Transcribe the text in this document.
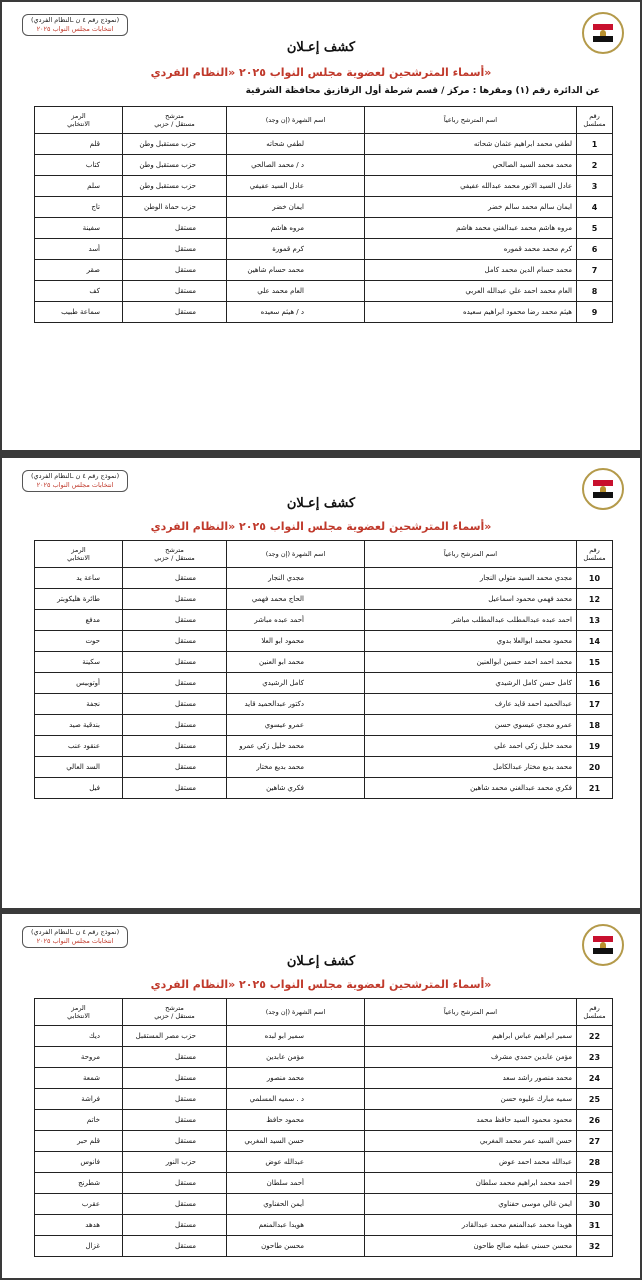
(نموذج رقم ٤ ن ـالنظام الفردي)
انتخابات مجلس النواب ٢٠٢٥
كشف إعـلان
أسماء المترشحين لعضوية مجلس النواب ٢٠٢٥ «النظام الفردي»
عن الدائرة رقم (١) ومقرها : مركز / قسم شرطة أول الزقازيق محافظة الشرقية
رقم
مسلسل	اسم المترشح رباعياً	اسم الشهرة (إن وجد)	مترشح
مستقل / حزبي	الرمز
الانتخابي
1	لطفي محمد ابراهيم عثمان شحاته	لطفي شحاته	حزب مستقبل وطن	قلم
2	محمد محمد السيد الصالحي	د / محمد الصالحي	حزب مستقبل وطن	كتاب
3	عادل السيد الانور محمد عبدالله عفيفي	عادل السيد عفيفي	حزب مستقبل وطن	سلم
4	ايمان سالم محمد سالم خضر	ايمان خضر	حزب حماة الوطن	تاج
5	مروه هاشم محمد عبدالغني محمد هاشم	مروه هاشم	مستقل	سفينة
6	كرم محمد محمد قموره	كرم قمورة	مستقل	أسد
7	محمد حسام الدين محمد كامل	محمد حسام شاهين	مستقل	صقر
8	العام محمد احمد علي عبدالله العربي	العام محمد علي	مستقل	كف
9	هيثم محمد رضا محمود ابراهيم سعيده	د / هيثم سعيده	مستقل	سماعة طبيب
(نموذج رقم ٤ ن ـالنظام الفردي)
انتخابات مجلس النواب ٢٠٢٥
كشف إعـلان
أسماء المترشحين لعضوية مجلس النواب ٢٠٢٥ «النظام الفردي»
رقم
مسلسل	اسم المترشح رباعياً	اسم الشهرة (إن وجد)	مترشح
مستقل / حزبي	الرمز
الانتخابي
10	مجدي محمد السيد متولي النجار	مجدي النجار	مستقل	ساعة يد
12	محمد فهمي محمود اسماعيل	الحاج محمد فهمي	مستقل	طائرة هليكوبتر
13	احمد عبده عبدالمطلب عبدالمطلب مباشر	أحمد عبده مباشر	مستقل	مدفع
14	محمود محمد ابوالعلا بدوي	محمود ابو العلا	مستقل	حوت
15	محمد احمد احمد حسين ابوالعنين	محمد ابو العنين	مستقل	سكينة
16	كامل حسن كامل الرشيدي	كامل الرشيدي	مستقل	أوتوبيس
17	عبدالحميد احمد قايد عارف	دكتور عبدالحميد قايد	مستقل	نجفة
18	عمرو مجدي عيسوي حسن	عمرو عيسوي	مستقل	بندقية صيد
19	محمد خليل زكي احمد علي	محمد خليل زكي عمرو	مستقل	عنقود عنب
20	محمد بديع مختار عبدالكامل	محمد بديع مختار	مستقل	السد العالي
21	فكري محمد عبدالغني محمد شاهين	فكري شاهين	مستقل	فيل
(نموذج رقم ٤ ن ـالنظام الفردي)
انتخابات مجلس النواب ٢٠٢٥
كشف إعـلان
أسماء المترشحين لعضوية مجلس النواب ٢٠٢٥ «النظام الفردي»
رقم
مسلسل	اسم المترشح رباعياً	اسم الشهرة (إن وجد)	مترشح
مستقل / حزبي	الرمز
الانتخابي
22	سمير ابراهيم عباس ابراهيم	سمير ابو لبده	حزب مصر المستقبل	ديك
23	مؤمن عابدين حمدي مشرف	مؤمن عابدين	مستقل	مروحة
24	محمد منصور راشد سعد	محمد منصور	مستقل	شمعة
25	سميه مبارك عليوه حسن	د . سميه المسلمي	مستقل	فراشة
26	محمود محمود السيد حافظ محمد	محمود حافظ	مستقل	خاتم
27	حسن السيد عمر محمد المغربي	حسن السيد المغربي	مستقل	قلم حبر
28	عبدالله محمد احمد عوض	عبدالله عوض	حزب النور	فانوس
29	احمد محمد ابراهيم محمد سلطان	أحمد سلطان	مستقل	شطرنج
30	ايمن غالي موسى حفناوي	أيمن الحفناوي	مستقل	عقرب
31	هويدا محمد عبدالمنعم محمد عبدالقادر	هويدا عبدالمنعم	مستقل	هدهد
32	محسن حسني عطيه صالح طاحون	محسن طاحون	مستقل	غزال
